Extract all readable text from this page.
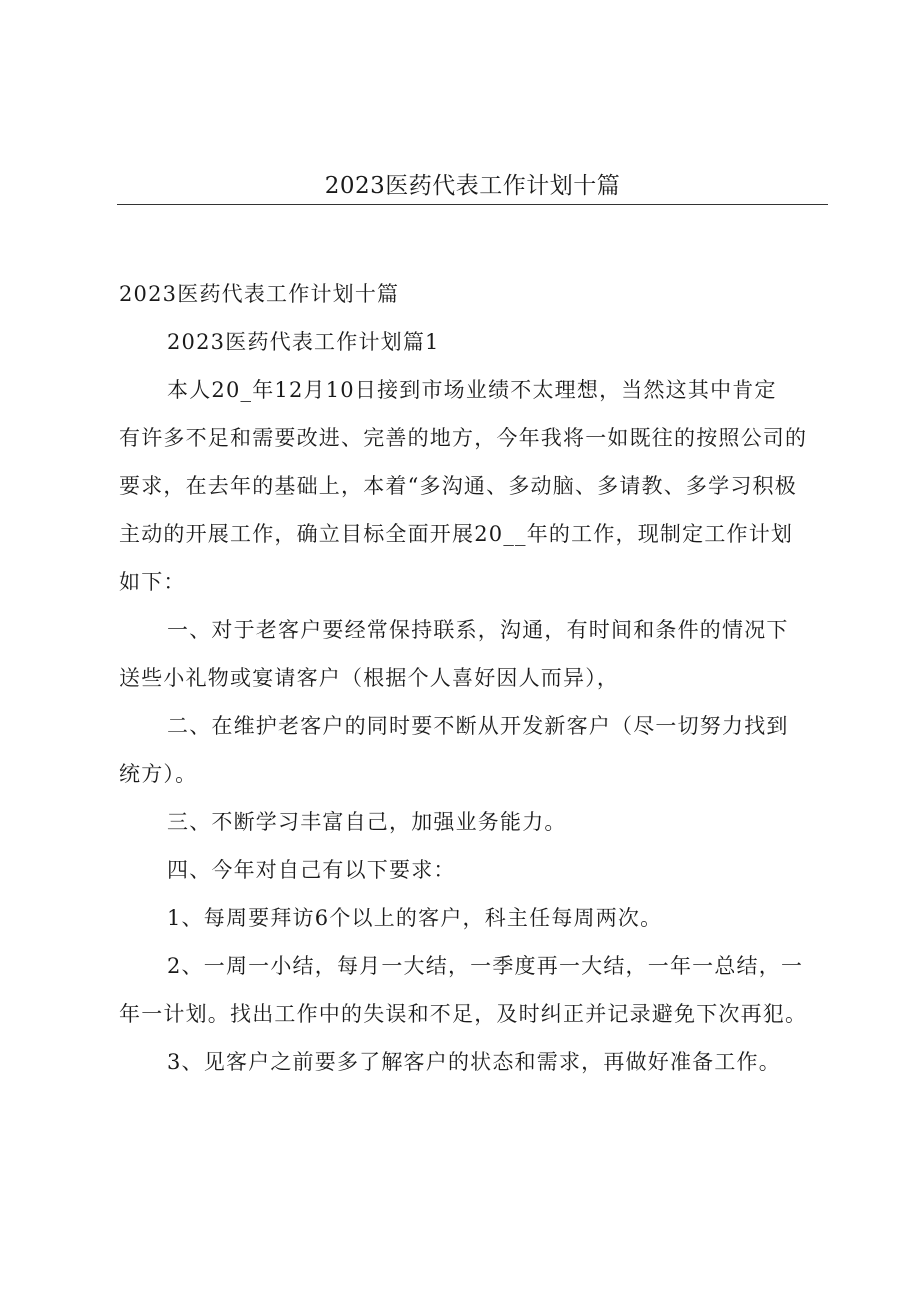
2023医药代表工作计划十篇

2023医药代表工作计划十篇

2023医药代表工作计划篇1

本人20_年12月10日接到市场业绩不太理想，当然这其中肯定
有许多不足和需要改进、完善的地方，今年我将一如既往的按照公司的
要求，在去年的基础上，本着“多沟通、多动脑、多请教、多学习积极
主动的开展工作，确立目标全面开展20__年的工作，现制定工作计划
如下：

一、对于老客户要经常保持联系，沟通，有时间和条件的情况下
送些小礼物或宴请客户（根据个人喜好因人而异），

二、在维护老客户的同时要不断从开发新客户（尽一切努力找到
统方）。

三、不断学习丰富自己，加强业务能力。

四、今年对自己有以下要求：

1、每周要拜访6个以上的客户，科主任每周两次。

2、一周一小结，每月一大结，一季度再一大结，一年一总结，一
年一计划。找出工作中的失误和不足，及时纠正并记录避免下次再犯。

3、见客户之前要多了解客户的状态和需求，再做好准备工作。
